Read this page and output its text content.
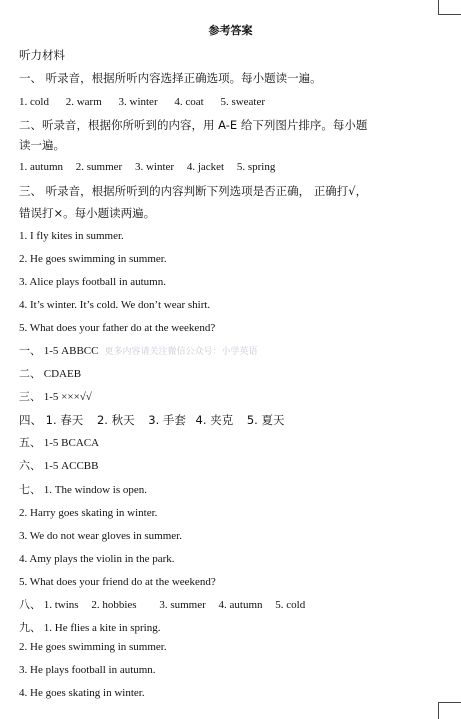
参考答案
听力材料
一、 听录音，根据所听内容选择正确选项。每小题读一遍。
1. cold 2. warm 3. winter 4. coat 5. sweater
二、听录音，根据你所听到的内容，用 A-E 给下列图片排序。每小题
读一遍。
1. autumn 2. summer 3. winter 4. jacket 5. spring
三、 听录音，根据所听到的内容判断下列选项是否正确， 正确打√，
错误打×。每小题读两遍。
1. I fly kites in summer.
2. He goes swimming in summer.
3. Alice plays football in autumn.
4. It’s winter. It’s cold. We don’t wear shirt.
5. What does your father do at the weekend?
一、 1-5 ABBCC 更多内容请关注微信公众号：小学英语
二、 CDAEB
三、 1-5 ×××√√
四、 1. 春天 2. 秋天 3. 手套 4. 夹克 5. 夏天
五、 1-5 BCACA
六、 1-5 ACCBB
七、 1. The window is open.
2. Harry goes skating in winter.
3. We do not wear gloves in summer.
4. Amy plays the violin in the park.
5. What does your friend do at the weekend?
八、 1. twins 2. hobbies 3. summer 4. autumn 5. cold
九、 1. He flies a kite in spring.
2. He goes swimming in summer.
3. He plays football in autumn.
4. He goes skating in winter.
